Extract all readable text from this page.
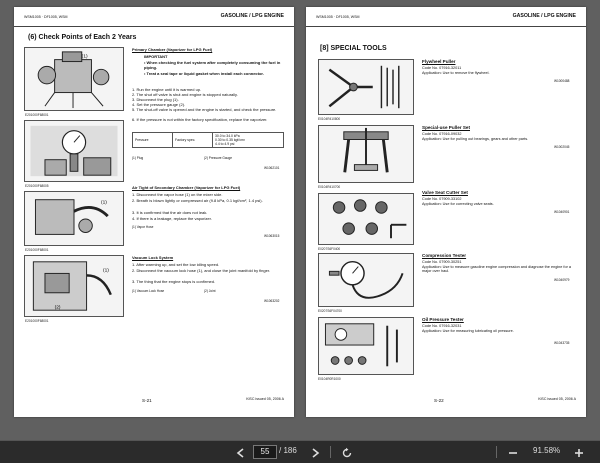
WSM1005 · DF1005, WSM	GASOLINE / LPG ENGINE
(6) Check Points of Each 2 Years
(1)
E201000F68001
E201000F68005
(1)
E201000F68001
(1)
(2)
E201000F68001
Primary Chamber (Vaporizer for LPG Fuel)
IMPORTANT
• When checking the fuel system after completely consuming the fuel in piping.
• Treat a seal tape or liquid gasket when install each connector.
1. Run the engine until it is warmed up.
2. The shut off valve is shut and engine is stopped naturally.
3. Disconnect the plug (1).
4. Set the pressure gauge (2).
5. The shut-off valve is opened and the engine is started, and check the pressure.
6. If the pressure is not within the factory specification, replace the vaporizer.
Pressure	Factory spec.	30.0 to 34.0 kPa
0.30 to 0.35 kgf/cm²
4.4 to 4.9 psi
(1) Plug	(2) Pressure Gauge
W1062101
Air Tight of Secondary Chamber (Vaporizer for LPG Fuel)
1. Disconnect the vapor hose (1) on the mixer side.
2. Breath is blown lightly or compressed air (9.8 kPa, 0.1 kgf/cm², 1.4 psi).
3. It is confirmed that the air does not leak.
4. If there is a leakage, replace the vaporizer.
(1) Vapor Hose
W1063015
Vacuum Lock System
1. After warming up, and set the low idling speed.
2. Disconnect the vacuum lock hose (1), and close the joint manifold by finger.
3. The thing that the engine stops is confirmed.
(1) Vacuum Lock Hose	(2) Joint
W1063202
S-21	KiSC issued 05, 2006 A
WSM1005 · DF1005, WSM	GASOLINE / LPG ENGINE
[8] SPECIAL TOOLS
E0104R410800
Flywheel Puller
Code No. 07916-32011
Application: Use to remove the flywheel.
W1000488
E0104R410700
Special-use Puller Set
Code No. 07916-09032
Application: Use for pulling out bearings, gears and other parts.
W1002045
E0207S6F0400
Valve Seat Cutter Set
Code No. 07909-33102
Application: Use for correcting valve seats.
W1040901
E0207S6F04700
Compression Tester
Code No. 07909-30251
Application: Use to measure gasoline engine compression and diagnose the engine for a major over haul.
W1040979
E0104R0R1000
Oil Pressure Tester
Code No. 07916-32031
Application: Use for measuring lubricating oil pressure.
W1043735
S-22	KiSC issued 05, 2006 A
55	/ 186	91.58%
